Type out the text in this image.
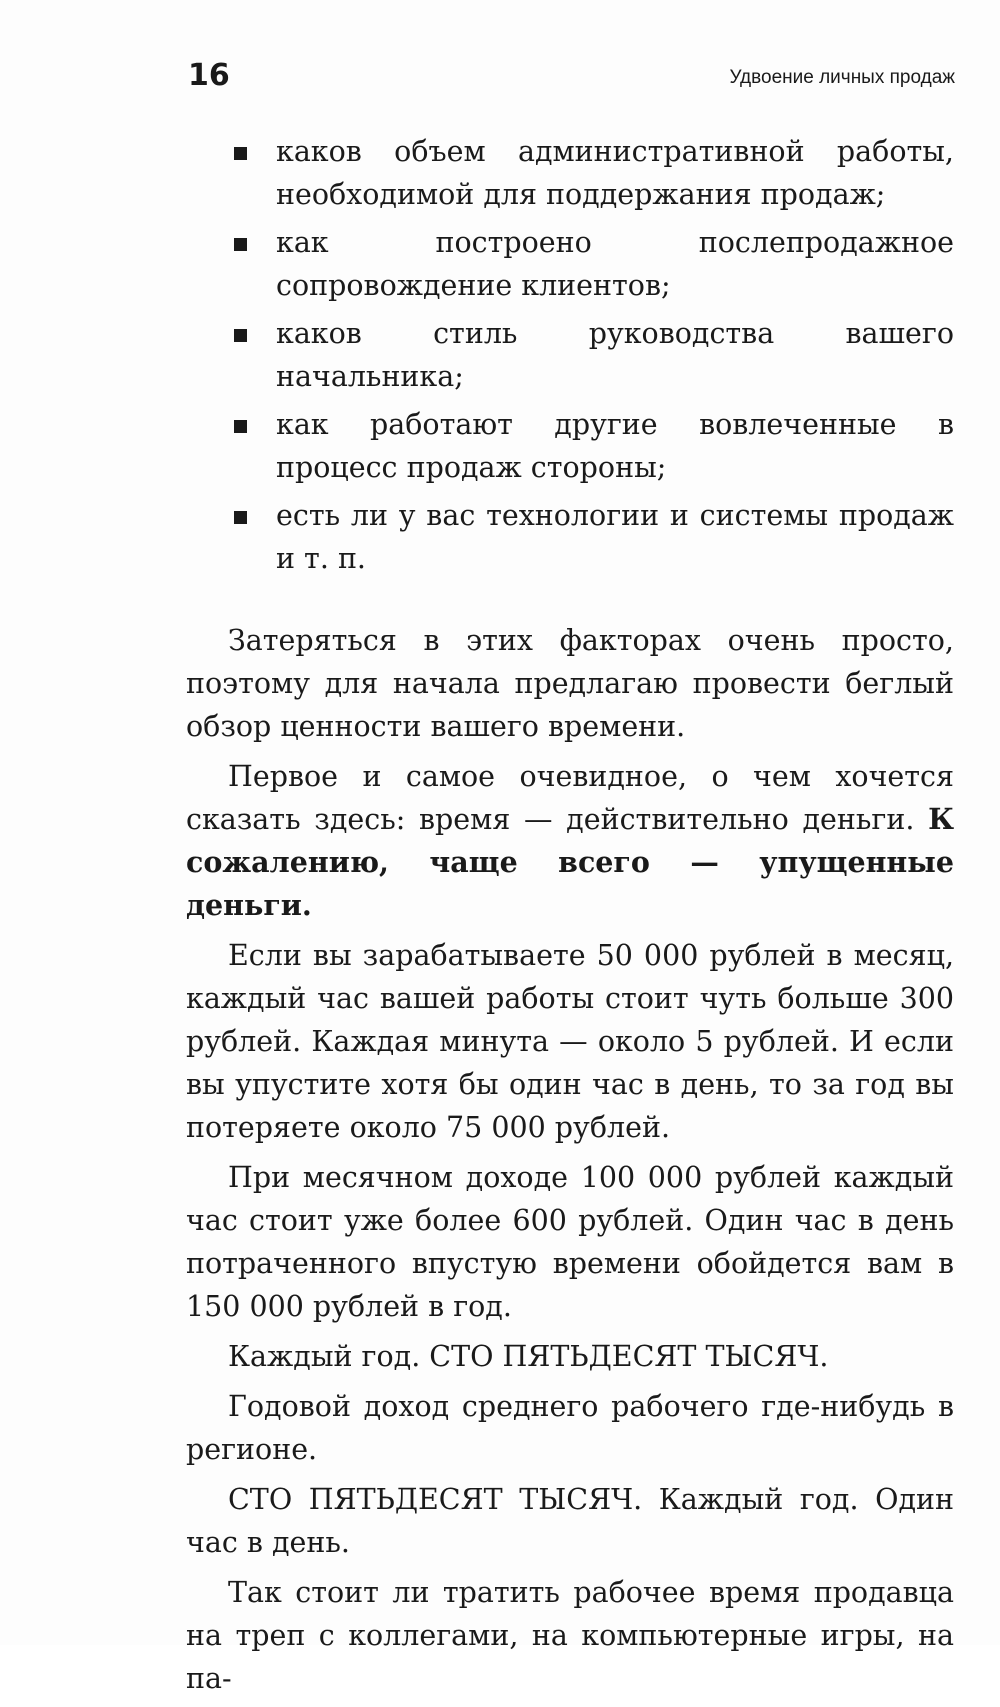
16	Удвоение личных продаж
каков объем административной работы, необходимой для поддержания продаж;
как построено послепродажное сопровождение клиентов;
каков стиль руководства вашего начальника;
как работают другие вовлеченные в процесс продаж стороны;
есть ли у вас технологии и системы продаж и т. п.

Затеряться в этих факторах очень просто, поэтому для начала предлагаю провести беглый обзор ценности вашего времени.

Первое и самое очевидное, о чем хочется сказать здесь: время — действительно деньги. К сожалению, чаще всего — упущенные деньги.

Если вы зарабатываете 50 000 рублей в месяц, каждый час вашей работы стоит чуть больше 300 рублей. Каждая минута — около 5 рублей. И если вы упустите хотя бы один час в день, то за год вы потеряете около 75 000 рублей.

При месячном доходе 100 000 рублей каждый час стоит уже более 600 рублей. Один час в день потраченного впустую времени обойдется вам в 150 000 рублей в год.

Каждый год. СТО ПЯТЬДЕСЯТ ТЫСЯЧ.

Годовой доход среднего рабочего где-нибудь в регионе.

СТО ПЯТЬДЕСЯТ ТЫСЯЧ. Каждый год. Один час в день.

Так стоит ли тратить рабочее время продавца на треп с коллегами, на компьютерные игры, на па-
